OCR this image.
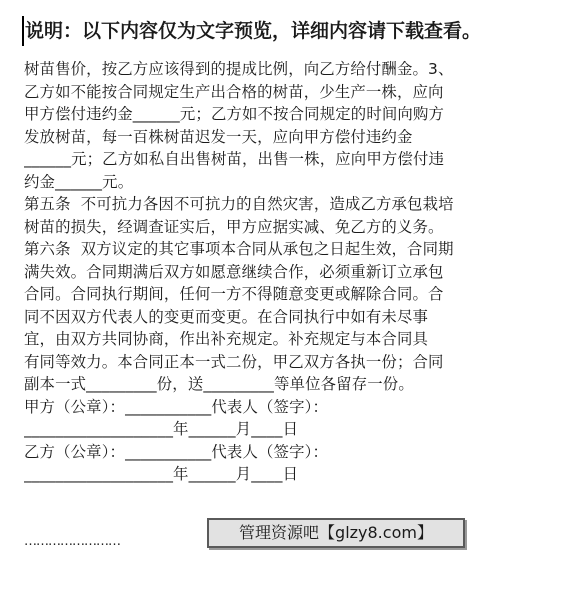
说明：以下内容仅为文字预览，详细内容请下载查看。
树苗售价，按乙方应该得到的提成比例，向乙方给付酬金。3、
乙方如不能按合同规定生产出合格的树苗，少生产一株，应向
甲方偿付违约金______元；乙方如不按合同规定的时间向购方
发放树苗，每一百株树苗迟发一天，应向甲方偿付违约金
______元；乙方如私自出售树苗，出售一株，应向甲方偿付违
约金______元。
第五条  不可抗力各因不可抗力的自然灾害，造成乙方承包栽培
树苗的损失，经调查证实后，甲方应据实减、免乙方的义务。
第六条  双方议定的其它事项本合同从承包之日起生效，合同期
满失效。合同期满后双方如愿意继续合作，必须重新订立承包
合同。合同执行期间，任何一方不得随意变更或解除合同。合
同不因双方代表人的变更而变更。在合同执行中如有未尽事
宜，由双方共同协商，作出补充规定。补充规定与本合同具
有同等效力。本合同正本一式二份，甲乙双方各执一份；合同
副本一式_________份，送_________等单位各留存一份。
甲方（公章）：___________代表人（签字）：
___________________年______月____日
乙方（公章）：___________代表人（签字）：
___________________年______月____日
……………………	管理资源吧【glzy8.com】
